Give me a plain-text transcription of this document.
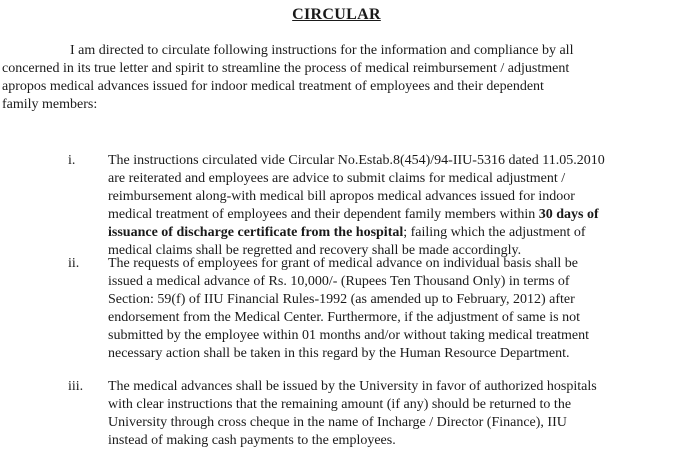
CIRCULAR
I am directed to circulate following instructions for the information and compliance by all
concerned in its true letter and spirit to streamline the process of medical reimbursement / adjustment
apropos medical advances issued for indoor medical treatment of employees and their dependent
family members:
i. The instructions circulated vide Circular No.Estab.8(454)/94-IIU-5316 dated 11.05.2010
are reiterated and employees are advice to submit claims for medical adjustment /
reimbursement along-with medical bill apropos medical advances issued for indoor
medical treatment of employees and their dependent family members within 30 days of
issuance of discharge certificate from the hospital; failing which the adjustment of
medical claims shall be regretted and recovery shall be made accordingly.
ii. The requests of employees for grant of medical advance on individual basis shall be
issued a medical advance of Rs. 10,000/- (Rupees Ten Thousand Only) in terms of
Section: 59(f) of IIU Financial Rules-1992 (as amended up to February, 2012) after
endorsement from the Medical Center. Furthermore, if the adjustment of same is not
submitted by the employee within 01 months and/or without taking medical treatment
necessary action shall be taken in this regard by the Human Resource Department.
iii. The medical advances shall be issued by the University in favor of authorized hospitals
with clear instructions that the remaining amount (if any) should be returned to the
University through cross cheque in the name of Incharge / Director (Finance), IIU
instead of making cash payments to the employees.
